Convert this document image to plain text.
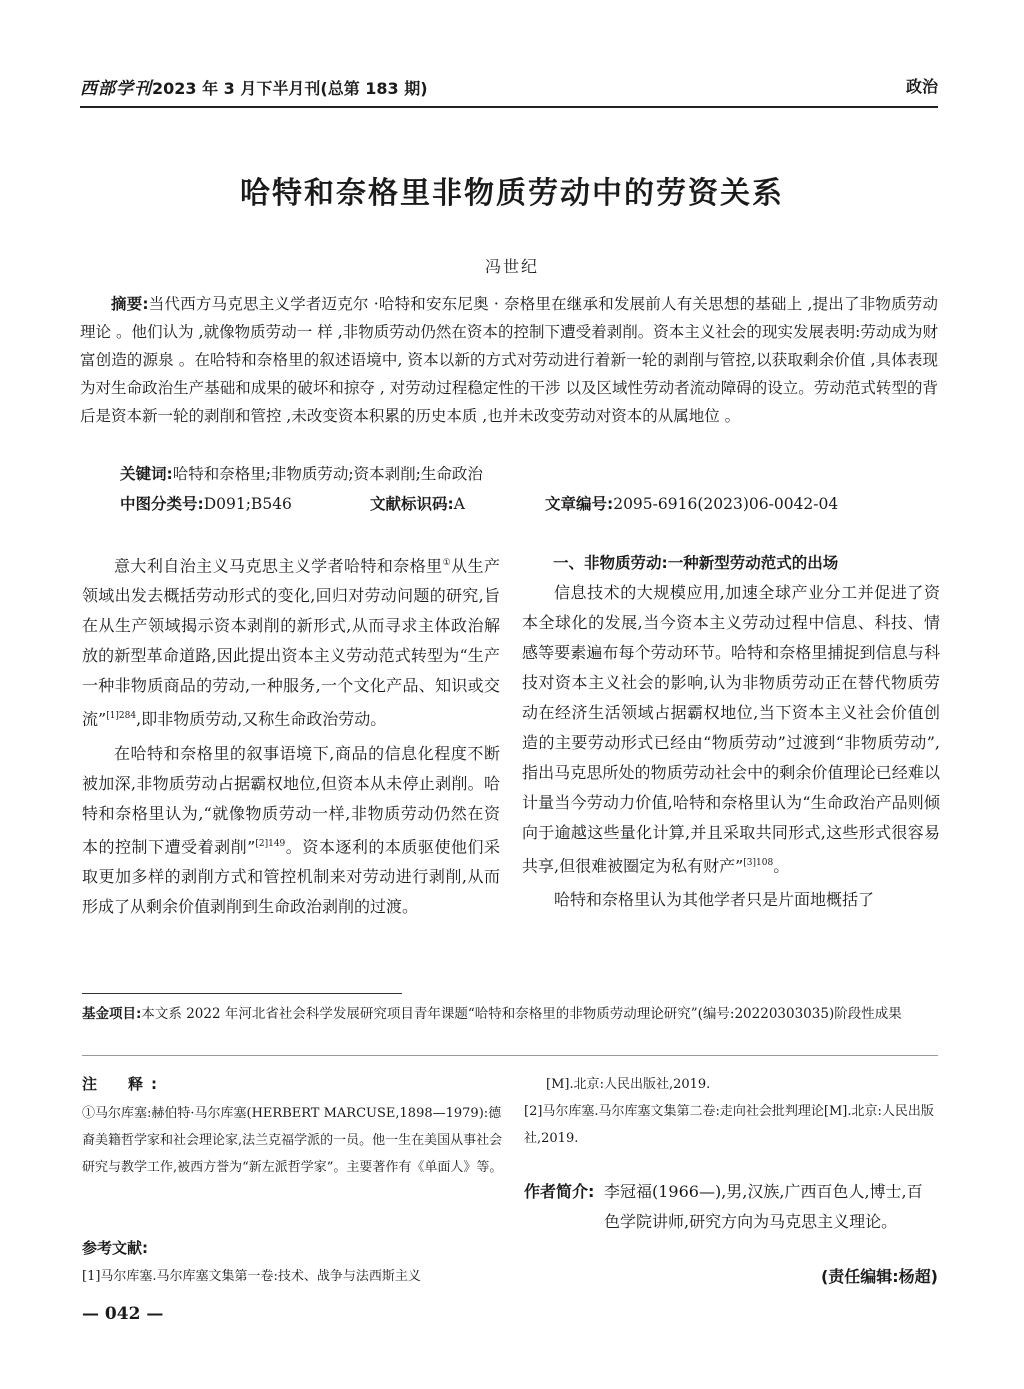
西部学刊2023 年 3 月下半月刊(总第 183 期)	政治
哈特和奈格里非物质劳动中的劳资关系
冯世纪

摘要:当代西方马克思主义学者迈克尔 ·哈特和安东尼奥 · 奈格里在继承和发展前人有关思想的基础上 ,提出了非物质劳动理论 。他们认为 ,就像物质劳动一 样 ,非物质劳动仍然在资本的控制下遭受着剥削。资本主义社会的现实发展表明:劳动成为财富创造的源泉 。在哈特和奈格里的叙述语境中, 资本以新的方式对劳动进行着新一轮的剥削与管控,以获取剩余价值 ,具体表现为对生命政治生产基础和成果的破坏和掠夺 , 对劳动过程稳定性的干涉 以及区域性劳动者流动障碍的设立。劳动范式转型的背后是资本新一轮的剥削和管控 ,未改变资本积累的历史本质 ,也并未改变劳动对资本的从属地位 。

关键词:哈特和奈格里;非物质劳动;资本剥削;生命政治
中图分类号:D091;B546	文献标识码:A	文章编号:2095-6916(2023)06-0042-04

意大利自治主义马克思主义学者哈特和奈格里①从生产领域出发去概括劳动形式的变化,回归对劳动问题的研究,旨在从生产领域揭示资本剥削的新形式,从而寻求主体政治解放的新型革命道路,因此提出资本主义劳动范式转型为“生产一种非物质商品的劳动,一种服务,一个文化产品、知识或交流”$^{[1]284}$,即非物质劳动,又称生命政治劳动。

在哈特和奈格里的叙事语境下,商品的信息化程度不断被加深,非物质劳动占据霸权地位,但资本从未停止剥削。哈特和奈格里认为,“就像物质劳动一样,非物质劳动仍然在资本的控制下遭受着剥削”$^{[2]149}$。资本逐利的本质驱使他们采取更加多样的剥削方式和管控机制来对劳动进行剥削,从而形成了从剩余价值剥削到生命政治剥削的过渡。

一、非物质劳动:一种新型劳动范式的出场

信息技术的大规模应用,加速全球产业分工并促进了资本全球化的发展,当今资本主义劳动过程中信息、科技、情感等要素遍布每个劳动环节。哈特和奈格里捕捉到信息与科技对资本主义社会的影响,认为非物质劳动正在替代物质劳动在经济生活领域占据霸权地位,当下资本主义社会价值创造的主要劳动形式已经由“物质劳动”过渡到“非物质劳动”,指出马克思所处的物质劳动社会中的剩余价值理论已经难以计量当今劳动力价值,哈特和奈格里认为“生命政治产品则倾向于逾越这些量化计算,并且采取共同形式,这些形式很容易共享,但很难被圈定为私有财产”$^{[3]108}$。

哈特和奈格里认为其他学者只是片面地概括了

基金项目:本文系 2022 年河北省社会科学发展研究项目青年课题“哈特和奈格里的非物质劳动理论研究”(编号:20220303035)阶段性成果

注　释:

①马尔库塞:赫伯特·马尔库塞(HERBERT MARCUSE,1898—1979):德裔美籍哲学家和社会理论家,法兰克福学派的一员。他一生在美国从事社会研究与教学工作,被西方誉为“新左派哲学家”。主要著作有《单面人》等。

参考文献:

[1]马尔库塞.马尔库塞文集第一卷:技术、战争与法西斯主义

[M].北京:人民出版社,2019.

[2]马尔库塞.马尔库塞文集第二卷:走向社会批判理论[M].北京:人民出版社,2019.

作者简介: 李冠福(1966—),男,汉族,广西百色人,博士,百色学院讲师,研究方向为马克思主义理论。

(责任编辑:杨超)
— 042 —
